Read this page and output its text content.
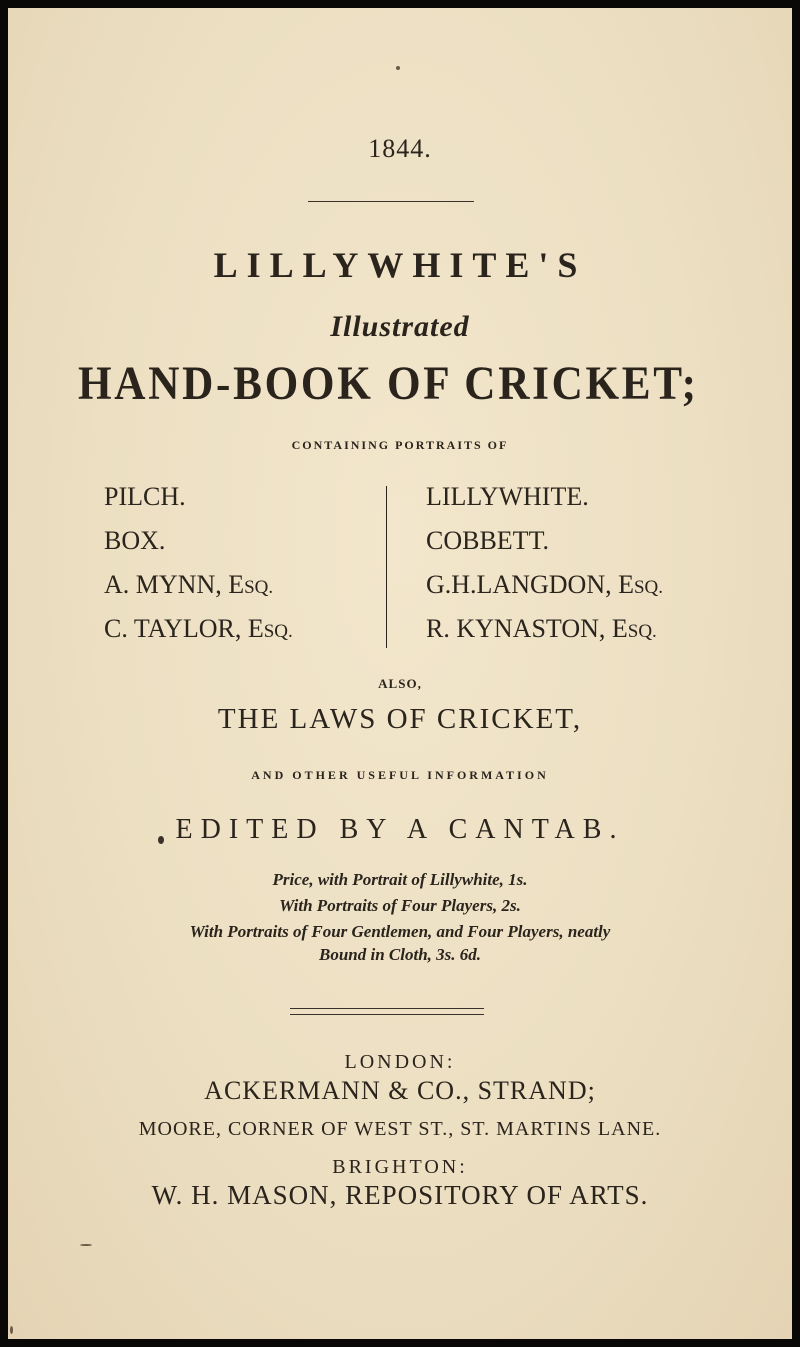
1844.
LILLYWHITE'S
Illustrated
HAND-BOOK OF CRICKET;
CONTAINING PORTRAITS OF
PILCH.
BOX.
A. MYNN, ESQ.
C. TAYLOR, ESQ.
LILLYWHITE.
COBBETT.
G.H.LANGDON, ESQ.
R. KYNASTON, ESQ.
ALSO,
THE LAWS OF CRICKET,
AND OTHER USEFUL INFORMATION
EDITED BY A CANTAB.
Price, with Portrait of Lillywhite, 1s.
With Portraits of Four Players, 2s.
With Portraits of Four Gentlemen, and Four Players, neatly
Bound in Cloth, 3s. 6d.
LONDON:
ACKERMANN & CO., STRAND;
MOORE, CORNER OF WEST ST., ST. MARTINS LANE.
BRIGHTON:
W. H. MASON, REPOSITORY OF ARTS.
